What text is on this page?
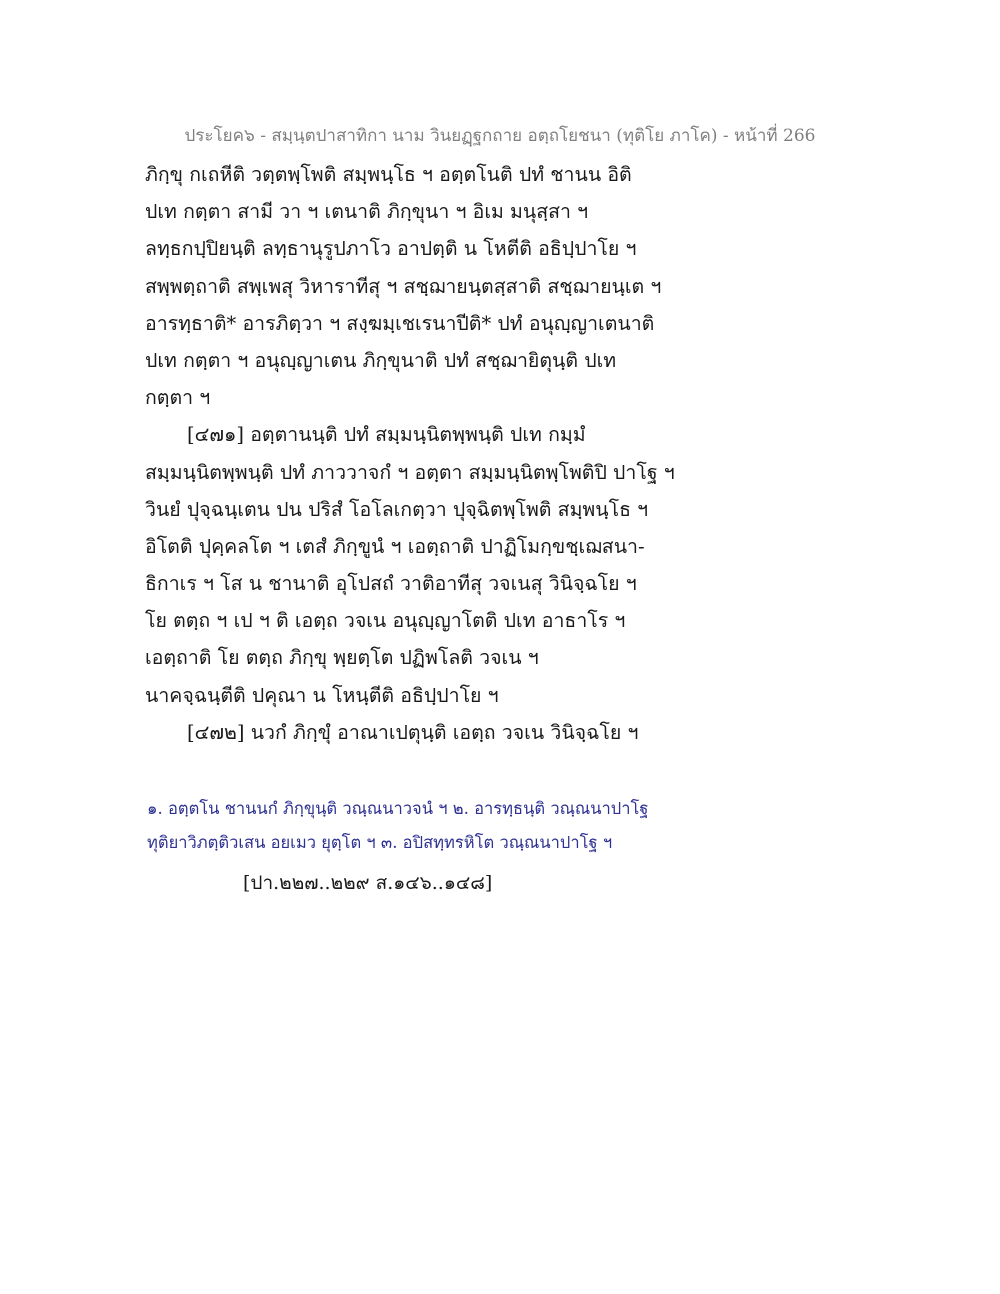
ประโยค๖ - สมฺนฺตปาสาทิกา นาม วินยฏฺฐกถาย อตฺถโยชนา (ทุติโย ภาโค) - หน้าที่ 266
ภิกฺขุ กเถหีติ วตฺตพฺโพติ สมฺพนฺโธ ฯ อตฺตโนติ ปทํ ชานน อิติ
ปเท กตฺตา สามี วา ฯ เตนาติ ภิกฺขุนา ฯ อิเม มนุสฺสา ฯ
ลทฺธกปฺปิยนฺติ ลทฺธานุรูปภาโว อาปตฺติ น โหตีติ อธิปฺปาโย ฯ
สพฺพตฺถาติ สพฺเพสุ วิหาราทีสุ ฯ สชฺฌายนฺตสฺสาติ สชฺฌายนฺเต ฯ
อารทฺธาติ* อารภิตฺวา ฯ สงฺฆมฺเชเรนาปีติ* ปทํ อนุญฺญาเตนาติ
ปเท กตฺตา ฯ อนุญฺญาเตน ภิกฺขุนาติ ปทํ สชฺฌายิตุนฺติ ปเท
กตฺตา ฯ
[๔๗๑] อตฺตานนฺติ ปทํ สมฺมนฺนิตพฺพนฺติ ปเท กมฺมํ
สมฺมนฺนิตพฺพนฺติ ปทํ ภาววาจกํ ฯ อตฺตา สมฺมนฺนิตพฺโพติปิ ปาโฐ ฯ
วินยํ ปุจฺฉนฺเตน ปน ปริสํ โอโลเกตฺวา ปุจฺฉิตพฺโพติ สมฺพนฺโธ ฯ
อิโตติ ปุคฺคลโต ฯ เตสํ ภิกฺขูนํ ฯ เอตฺถาติ ปาฏิโมกฺขชฺเฌสนา-
ธิกาเร ฯ โส น ชานาติ อุโปสถํ วาติอาทีสุ วจเนสุ วินิจฺฉโย ฯ
โย ตตฺถ ฯ เป ฯ ติ เอตฺถ วจเน อนุญฺญาโตติ ปเท อาธาโร ฯ
เอตฺถาติ โย ตตฺถ ภิกฺขุ พฺยตฺโต ปฏิพโลติ วจเน ฯ
นาคจฺฉนฺตีติ ปคุณา น โหนฺตีติ อธิปฺปาโย ฯ
[๔๗๒] นวกํ ภิกฺขุํ อาณาเปตุนฺติ เอตฺถ วจเน วินิจฺฉโย ฯ
๑. อตฺตโน ชานนกํ ภิกฺขุนฺติ วณฺณนาวจนํ ฯ ๒. อารทฺธนฺติ วณฺณนาปาโฐ
ทุติยาวิภตฺติวเสน อยเมว ยุตฺโต ฯ ๓. อปิสทฺทรหิโต วณฺณนาปาโฐ ฯ
[ปา.๒๒๗..๒๒๙ ส.๑๔๖..๑๔๘]
